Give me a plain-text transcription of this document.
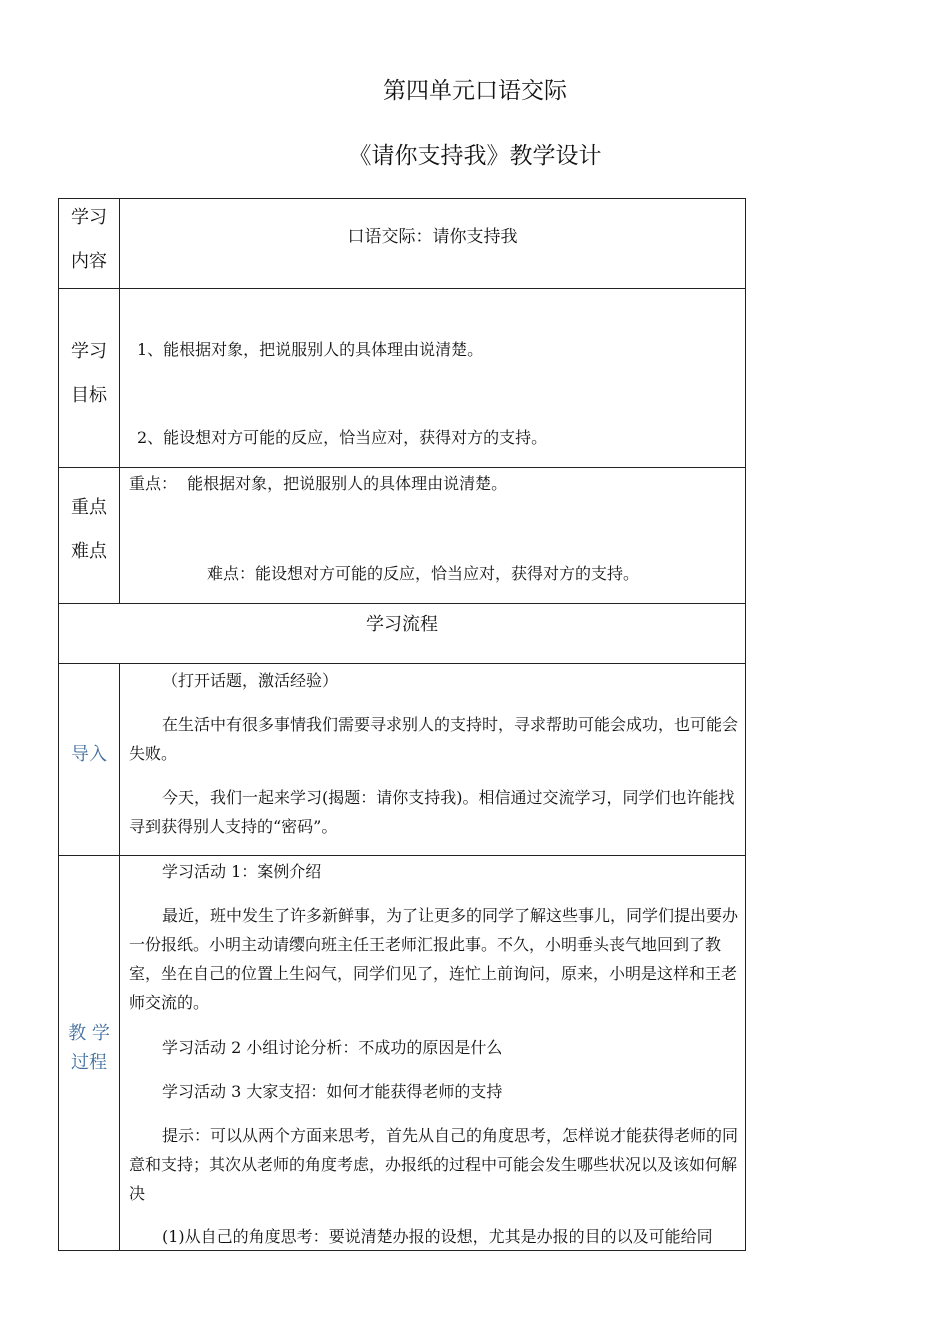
第四单元口语交际
《请你支持我》教学设计
学习
内容
口语交际：请你支持我
学习
目标
1、能根据对象，把说服别人的具体理由说清楚。
2、能设想对方可能的反应，恰当应对，获得对方的支持。
重点
难点
重点：  能根据对象，把说服别人的具体理由说清楚。
难点：能设想对方可能的反应，恰当应对，获得对方的支持。
学习流程
导入
（打开话题，激活经验）
在生活中有很多事情我们需要寻求别人的支持时，寻求帮助可能会成功，也可能会失败。
今天，我们一起来学习(揭题：请你支持我)。相信通过交流学习，同学们也许能找寻到获得别人支持的“密码”。
教 学
过程
学习活动 1：案例介绍
最近，班中发生了许多新鲜事，为了让更多的同学了解这些事儿，同学们提出要办一份报纸。小明主动请缨向班主任王老师汇报此事。不久，小明垂头丧气地回到了教室，坐在自己的位置上生闷气，同学们见了，连忙上前询问，原来，小明是这样和王老师交流的。
学习活动 2 小组讨论分析：不成功的原因是什么
学习活动 3 大家支招：如何才能获得老师的支持
提示：可以从两个方面来思考，首先从自己的角度思考，怎样说才能获得老师的同意和支持；其次从老师的角度考虑，办报纸的过程中可能会发生哪些状况以及该如何解决
(1)从自己的角度思考：要说清楚办报的设想，尤其是办报的目的以及可能给同
